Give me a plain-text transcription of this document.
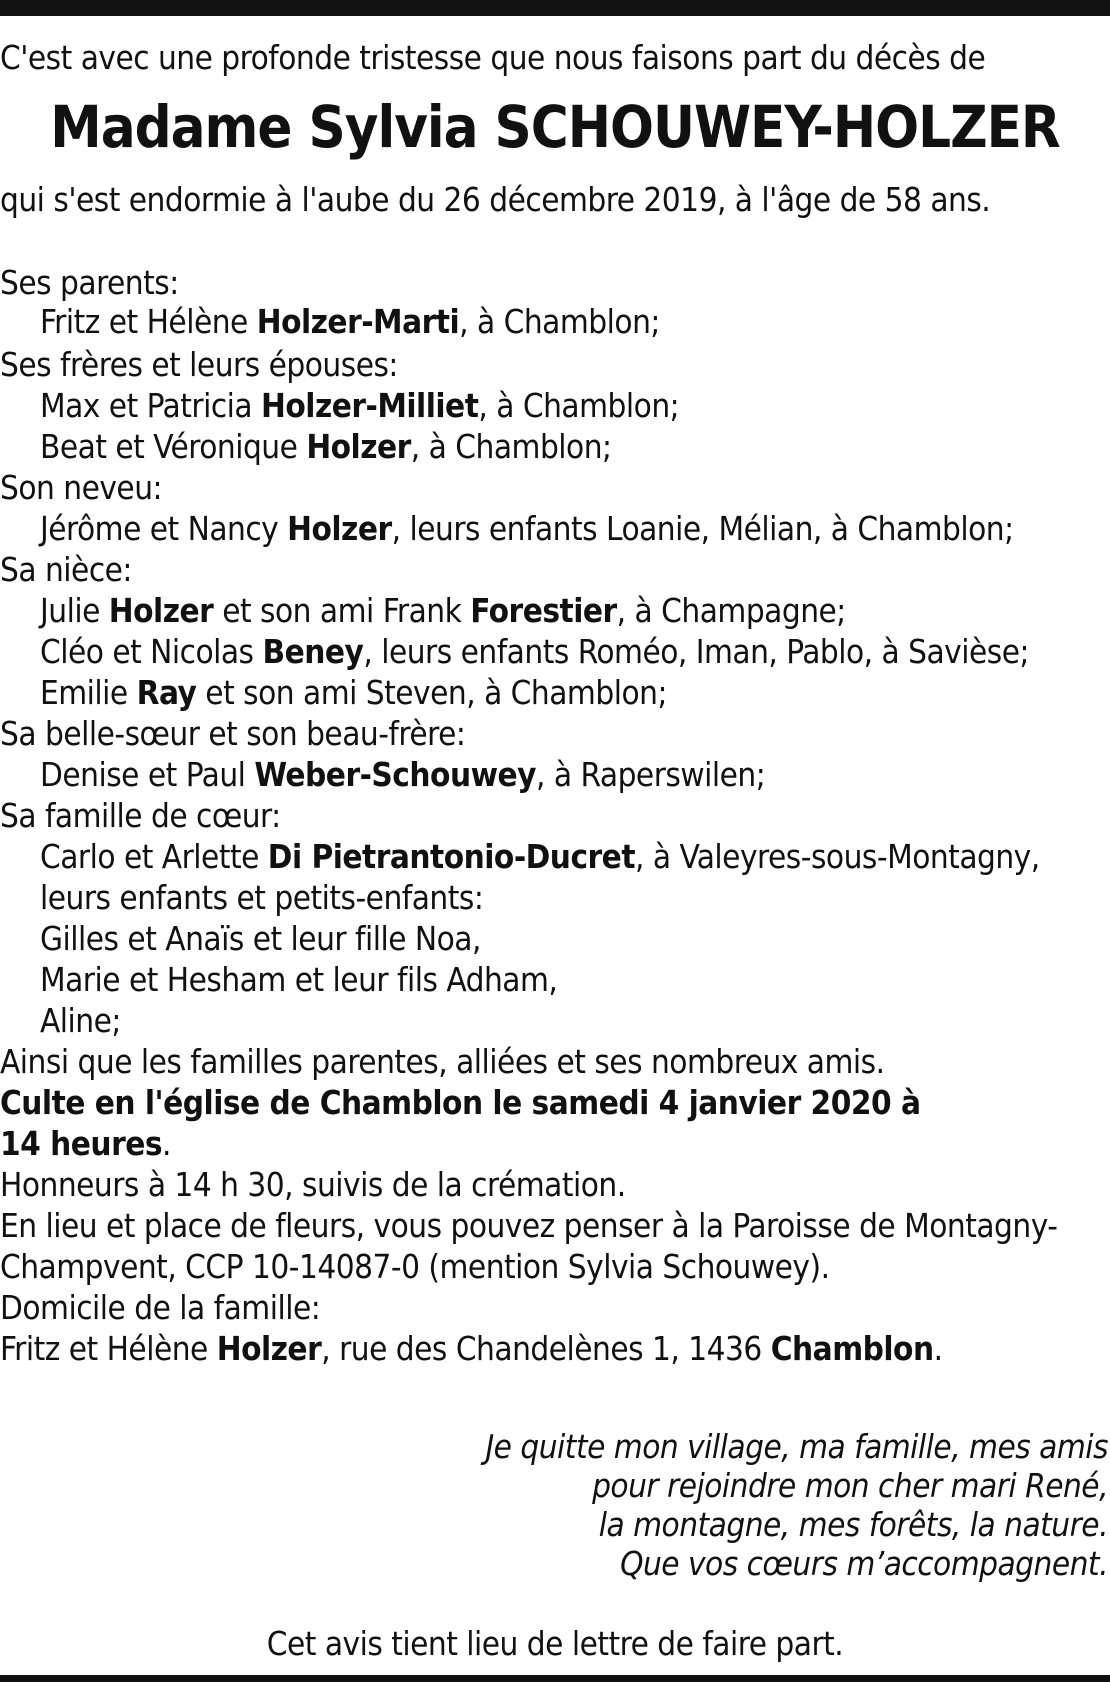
C'est avec une profonde tristesse que nous faisons part du décès de
Madame Sylvia SCHOUWEY-HOLZER
qui s'est endormie à l'aube du 26 décembre 2019, à l'âge de 58 ans.
Ses parents:
Fritz et Hélène Holzer-Marti, à Chamblon;
Ses frères et leurs épouses:
Max et Patricia Holzer-Milliet, à Chamblon;
Beat et Véronique Holzer, à Chamblon;
Son neveu:
Jérôme et Nancy Holzer, leurs enfants Loanie, Mélian, à Chamblon;
Sa nièce:
Julie Holzer et son ami Frank Forestier, à Champagne;
Cléo et Nicolas Beney, leurs enfants Roméo, Iman, Pablo, à Savièse;
Emilie Ray et son ami Steven, à Chamblon;
Sa belle-sœur et son beau-frère:
Denise et Paul Weber-Schouwey, à Raperswilen;
Sa famille de cœur:
Carlo et Arlette Di Pietrantonio-Ducret, à Valeyres-sous-Montagny,
leurs enfants et petits-enfants:
Gilles et Anaïs et leur fille Noa,
Marie et Hesham et leur fils Adham,
Aline;
Ainsi que les familles parentes, alliées et ses nombreux amis.
Culte en l'église de Chamblon le samedi 4 janvier 2020 à
14 heures.
Honneurs à 14 h 30, suivis de la crémation.
En lieu et place de fleurs, vous pouvez penser à la Paroisse de Montagny-
Champvent, CCP 10-14087-0 (mention Sylvia Schouwey).
Domicile de la famille:
Fritz et Hélène Holzer, rue des Chandelènes 1, 1436 Chamblon.
Je quitte mon village, ma famille, mes amis
pour rejoindre mon cher mari René,
la montagne, mes forêts, la nature.
Que vos cœurs m’accompagnent.
Cet avis tient lieu de lettre de faire part.
